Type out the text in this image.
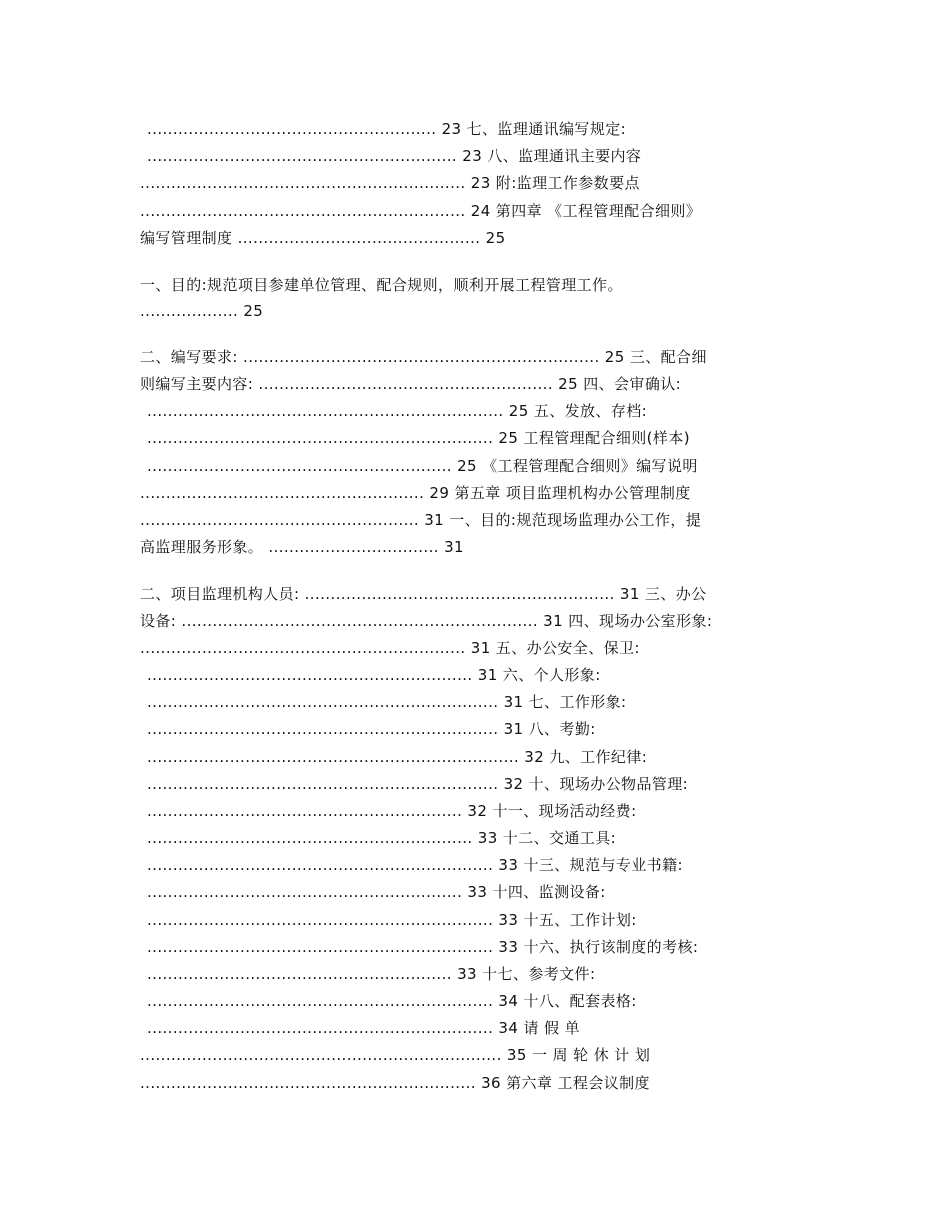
........................................................ 23 七、监理通讯编写规定:
............................................................ 23 八、监理通讯主要内容
............................................................... 23 附:监理工作参数要点
............................................................... 24 第四章 《工程管理配合细则》
编写管理制度 ............................................... 25
一、目的:规范项目参建单位管理、配合规则，顺利开展工程管理工作。
................... 25
二、编写要求: ..................................................................... 25 三、配合细
则编写主要内容: ......................................................... 25 四、会审确认:
..................................................................... 25 五、发放、存档:
................................................................... 25 工程管理配合细则(样本)
........................................................... 25 《工程管理配合细则》编写说明
....................................................... 29 第五章 项目监理机构办公管理制度
...................................................... 31 一、目的:规范现场监理办公工作，提
高监理服务形象。 ................................. 31
二、项目监理机构人员: ............................................................ 31 三、办公
设备: ..................................................................... 31 四、现场办公室形象:
............................................................... 31 五、办公安全、保卫:
............................................................... 31 六、个人形象:
.................................................................... 31 七、工作形象:
.................................................................... 31 八、考勤:
........................................................................ 32 九、工作纪律:
.................................................................... 32 十、现场办公物品管理:
............................................................. 32 十一、现场活动经费:
............................................................... 33 十二、交通工具:
................................................................... 33 十三、规范与专业书籍:
............................................................. 33 十四、监测设备:
................................................................... 33 十五、工作计划:
................................................................... 33 十六、执行该制度的考核:
........................................................... 33 十七、参考文件:
................................................................... 34 十八、配套表格:
................................................................... 34 请 假 单
...................................................................... 35 一 周 轮 休 计 划
................................................................. 36 第六章 工程会议制度
